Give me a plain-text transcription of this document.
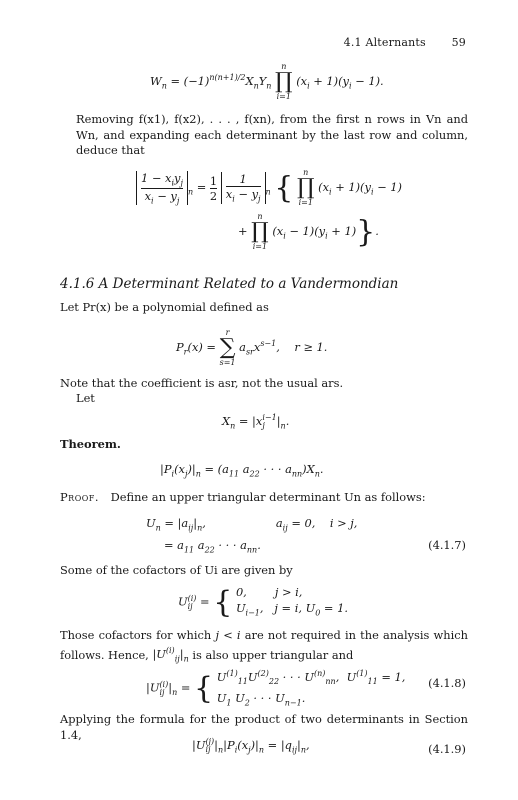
4.1 Alternants 59
$W_n = (-1)^{n(n+1)/2}X_nY_n$
n
∏
i=1
$(x_i + 1)(y_i - 1)$.
Removing f(x1), f(x2), . . . , f(xn), from the first n rows in Vn and Wn, and expanding each determinant by the last row and column, deduce that
$1 - x_iy_j$
$x_i - y_j$
$_n = \frac{1}{2}$
$\frac{1}{x_i - y_j} _n$ {	n
∏
i=1
$(x_i + 1)(y_i - 1)$
+
n
∏
i=1
$(x_i - 1)(y_i + 1)$}.
4.1.6 A Determinant Related to a Vandermondian
Let Pr(x) be a polynomial defined as
$P_r(x)$ =
r
∑
s=1
$a_{sr}x^{s-1}$,    r ≥ 1.
Note that the coefficient is asr, not the usual ars.
Let
$X_n = |x$ i−1
j	$|_n$.
Theorem.
$|P_i(x_j)|_n = (a_{11}$ $a_{22}$ · · · $a_{nn})X_n$.
Proof. Define an upper triangular determinant Un as follows:
$U_n = |a_{ij}|_n$,	$a_{ij} = 0$,    i > j,
= $a_{11}$ $a_{22}$ · · · $a_{nn}$.	(4.1.7)
Some of the cofactors of Ui are given by
U (i)
ij = { 0, j > i,
$U_{i-1}$,   j = i, $U_0 = 1$.
Those cofactors for which j < i are not required in the analysis which follows. Hence, $|U^{(i)}_{ij}|_n$ is also upper triangular and
|U (i)
ij $|_n$ = { $U^{(1)}_{11}U^{(2)}_{22}$ · · · $U^{(n)}_{nn}$,  $U^{(1)}_{11} = 1$,
$U_1$ $U_2$ · · · $U_{n-1}$.
(4.1.8)
Applying the formula for the product of two determinants in Section 1.4,
|U (j)
ij $|_n|P_i(x_j)|_n = |q_{ij}|_n$,	(4.1.9)
